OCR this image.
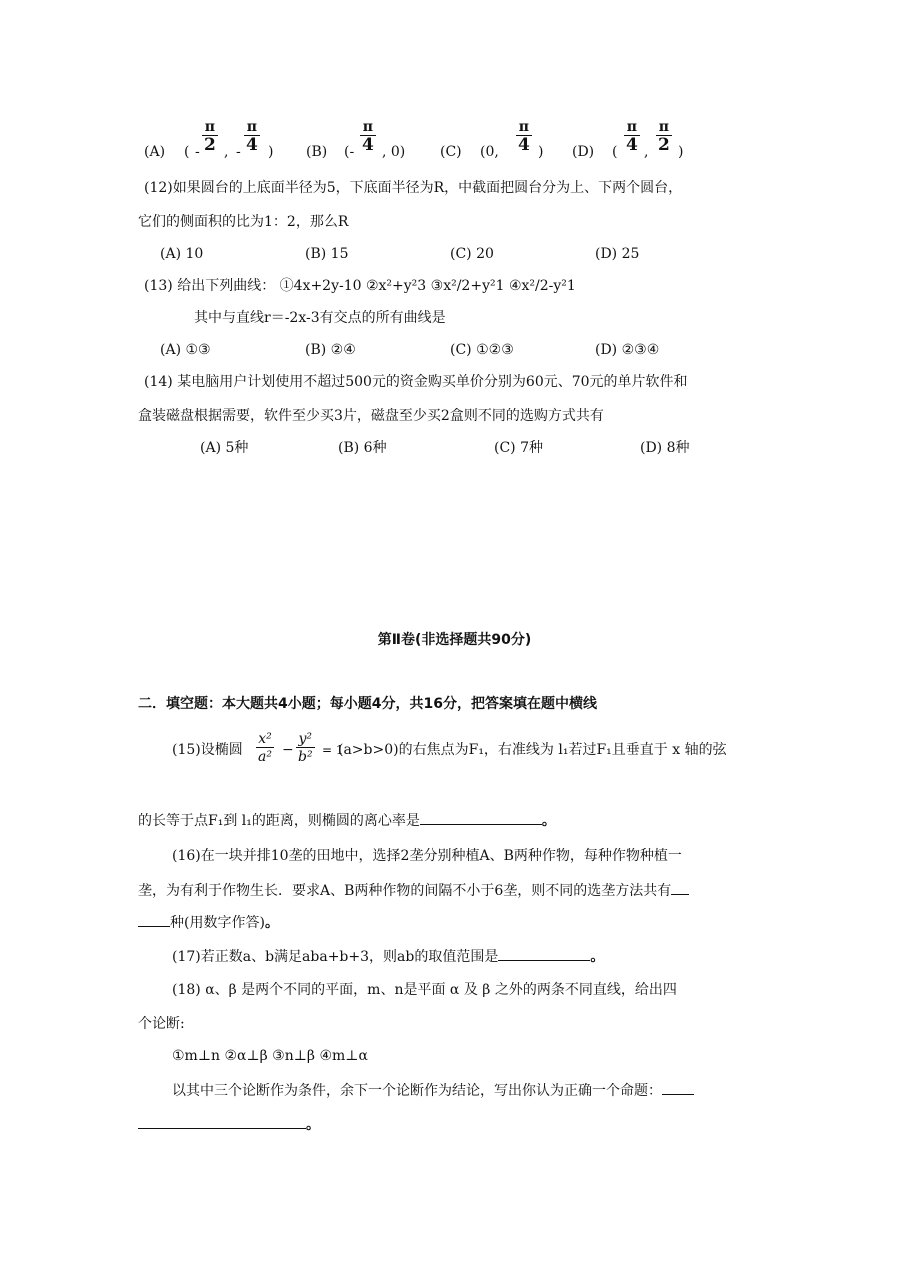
(A) ( -
π
2 , -
π
4 ) (B) (-
π
4 , 0) (C) (0,
π
4 ) (D) (
π
4 ,
π
2 )
(12)如果圆台的上底面半径为5，下底面半径为R，中截面把圆台分为上、下两个圆台，
它们的侧面积的比为1：2，那么R
(A) 10	(B) 15	(C) 20	(D) 25
(13) 给出下列曲线： ①4x+2y-10 ②x²+y²3 ③x²/2+y²1 ④x²/2-y²1
其中与直线r＝-2x-3有交点的所有曲线是
(A) ①③	(B) ②④	(C) ①②③	(D) ②③④
(14) 某电脑用户计划使用不超过500元的资金购买单价分别为60元、70元的单片软件和
盒装磁盘根据需要，软件至少买3片，磁盘至少买2盒则不同的选购方式共有
(A) 5种	(B) 6种	(C) 7种	(D) 8种
第Ⅱ卷(非选择题共90分)
二．填空题：本大题共4小题；每小题4分，共16分，把答案填在题中横线
(15)设椭圆 $\frac{\text{x²}}{\text{a²}} - \frac{\text{y²}}{\text{b²}} = 1$
(a>b>0)的右焦点为F₁，右准线为 l₁若过F₁且垂直于 x 轴的弦
的长等于点F₁到 l₁的距离，则椭圆的离心率是	。
(16)在一块并排10垄的田地中，选择2垄分别种植A、B两种作物，每种作物种植一
垄，为有利于作物生长．要求A、B两种作物的间隔不小于6垄，则不同的选垄方法共有
种(用数字作答)。
(17)若正数a、b满足aba+b+3，则ab的取值范围是	。
(18) α、β 是两个不同的平面，m、n是平面 α 及 β 之外的两条不同直线，给出四
个论断:
①m⊥n ②α⊥β ③n⊥β ④m⊥α
以其中三个论断作为条件，余下一个论断作为结论，写出你认为正确一个命题：
。
